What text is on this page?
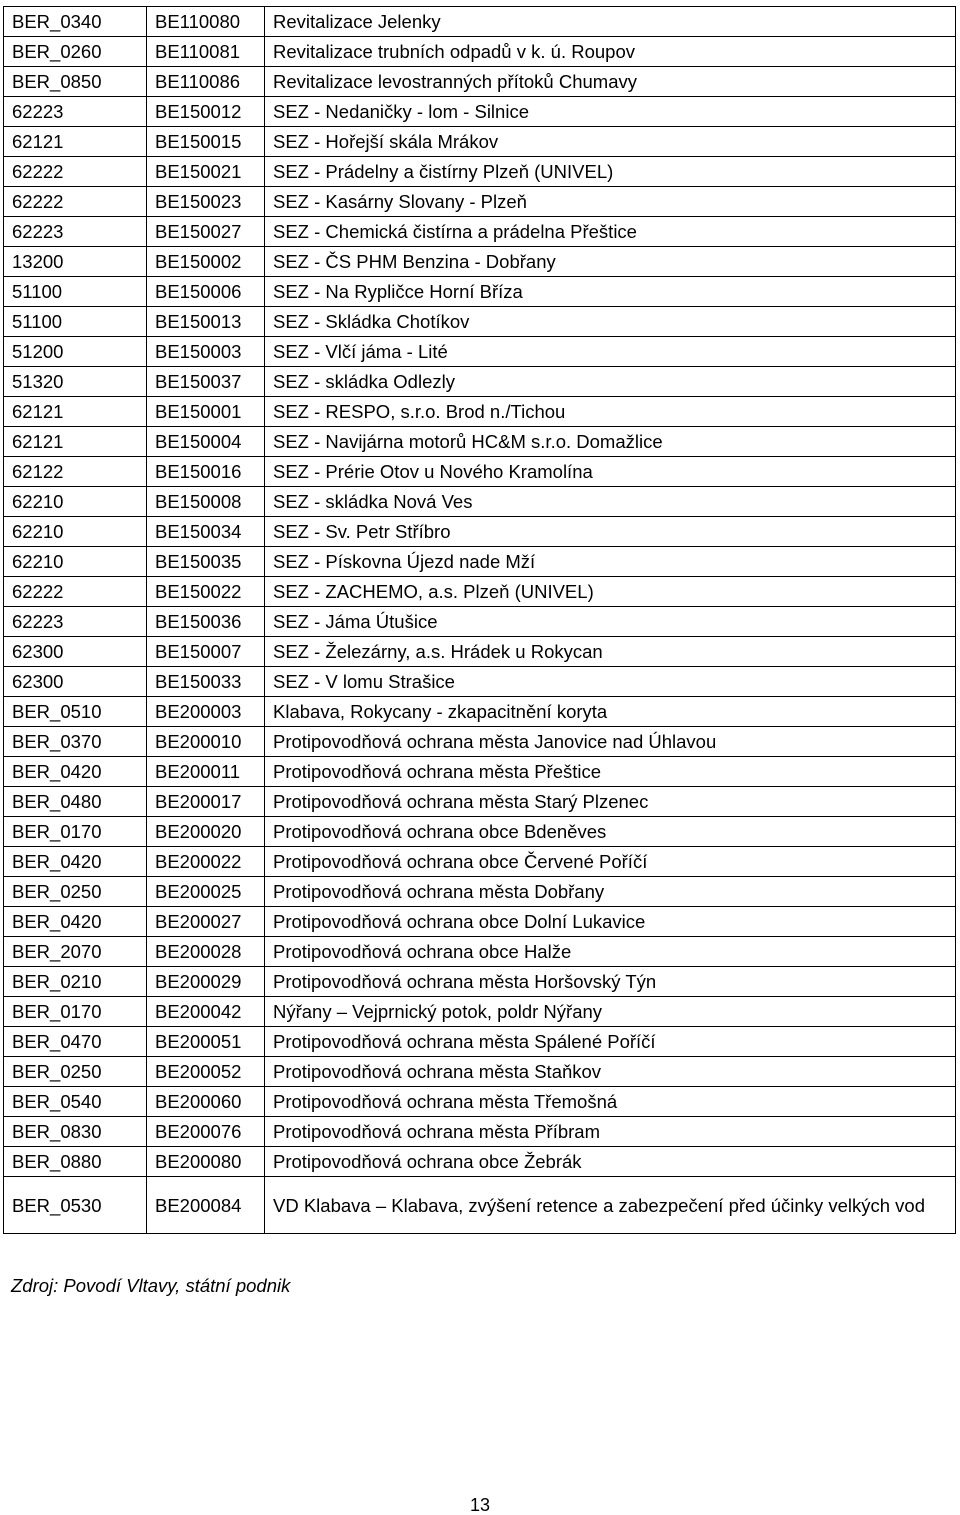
BER_0340	BE110080	Revitalizace Jelenky
BER_0260	BE110081	Revitalizace trubních odpadů v k. ú. Roupov
BER_0850	BE110086	Revitalizace levostranných přítoků Chumavy
62223	BE150012	SEZ - Nedaničky - lom - Silnice
62121	BE150015	SEZ - Hořejší skála Mrákov
62222	BE150021	SEZ - Prádelny a čistírny Plzeň (UNIVEL)
62222	BE150023	SEZ - Kasárny Slovany - Plzeň
62223	BE150027	SEZ - Chemická čistírna a prádelna Přeštice
13200	BE150002	SEZ - ČS PHM Benzina - Dobřany
51100	BE150006	SEZ - Na Rypličce Horní Bříza
51100	BE150013	SEZ - Skládka Chotíkov
51200	BE150003	SEZ - Vlčí jáma - Lité
51320	BE150037	SEZ - skládka Odlezly
62121	BE150001	SEZ - RESPO, s.r.o. Brod n./Tichou
62121	BE150004	SEZ - Navijárna motorů HC&M s.r.o. Domažlice
62122	BE150016	SEZ - Prérie Otov u Nového Kramolína
62210	BE150008	SEZ - skládka Nová Ves
62210	BE150034	SEZ - Sv. Petr Stříbro
62210	BE150035	SEZ - Pískovna Újezd nade Mží
62222	BE150022	SEZ - ZACHEMO, a.s. Plzeň (UNIVEL)
62223	BE150036	SEZ - Jáma Útušice
62300	BE150007	SEZ - Železárny, a.s. Hrádek u Rokycan
62300	BE150033	SEZ - V lomu Strašice
BER_0510	BE200003	Klabava, Rokycany - zkapacitnění koryta
BER_0370	BE200010	Protipovodňová ochrana města Janovice nad Úhlavou
BER_0420	BE200011	Protipovodňová ochrana města Přeštice
BER_0480	BE200017	Protipovodňová ochrana města Starý Plzenec
BER_0170	BE200020	Protipovodňová ochrana obce Bdeněves
BER_0420	BE200022	Protipovodňová ochrana obce Červené Poříčí
BER_0250	BE200025	Protipovodňová ochrana města Dobřany
BER_0420	BE200027	Protipovodňová ochrana obce Dolní Lukavice
BER_2070	BE200028	Protipovodňová ochrana obce Halže
BER_0210	BE200029	Protipovodňová ochrana města Horšovský Týn
BER_0170	BE200042	Nýřany – Vejprnický potok, poldr Nýřany
BER_0470	BE200051	Protipovodňová ochrana města Spálené Poříčí
BER_0250	BE200052	Protipovodňová ochrana města Staňkov
BER_0540	BE200060	Protipovodňová ochrana města Třemošná
BER_0830	BE200076	Protipovodňová ochrana města Příbram
BER_0880	BE200080	Protipovodňová ochrana obce Žebrák
BER_0530	BE200084	VD Klabava – Klabava, zvýšení retence a zabezpečení před účinky velkých vod
Zdroj: Povodí Vltavy, státní podnik
13
